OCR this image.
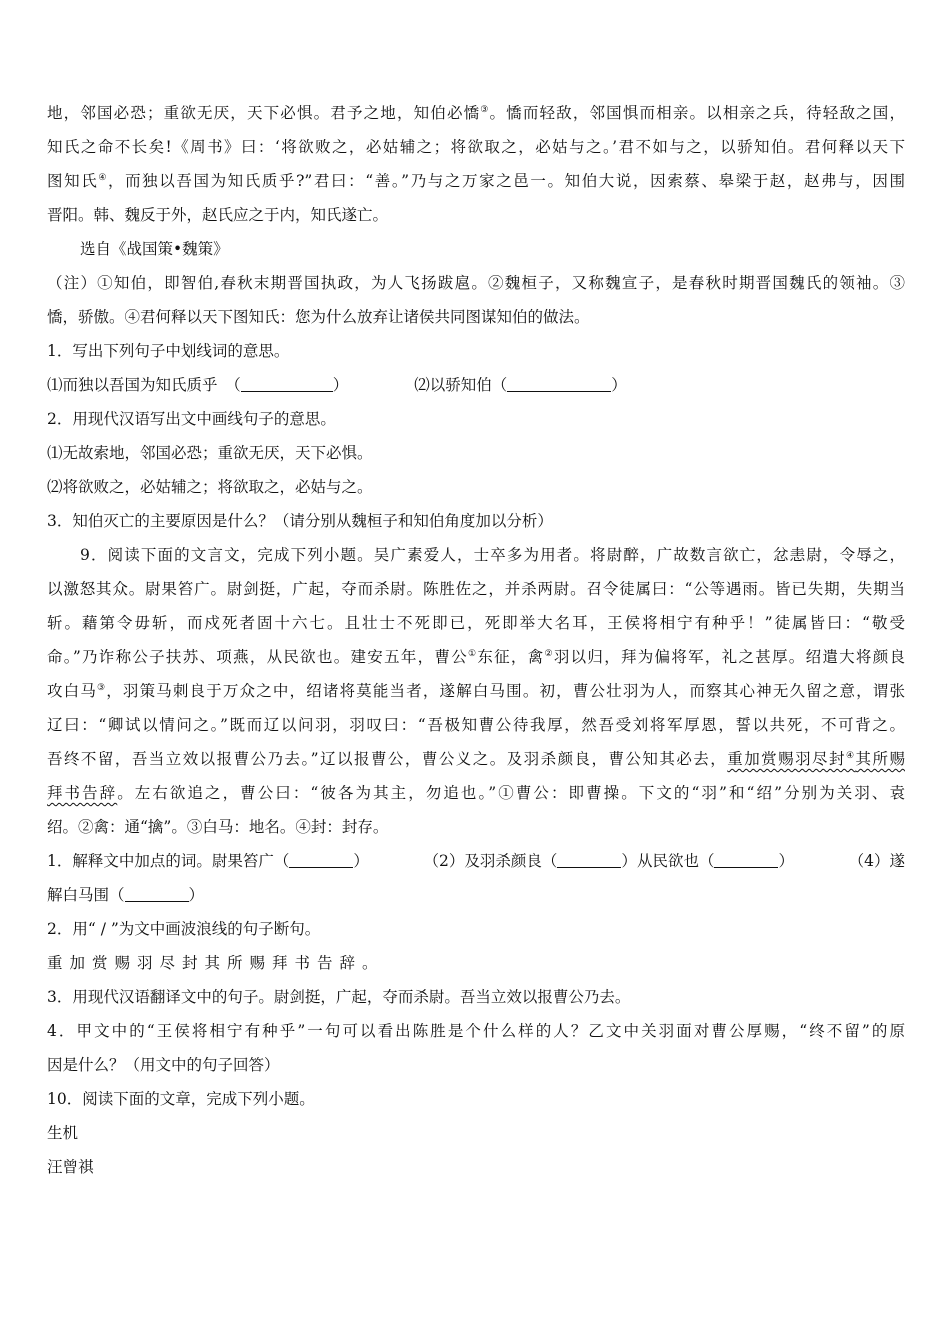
地，邻国必恐；重欲无厌，天下必惧。君予之地，知伯必憍③。憍而轻敌，邻国惧而相亲。以相亲之兵，待轻敌之国，

知氏之命不长矣!《周书》曰：‘将欲败之，必姑辅之；将欲取之，必姑与之。’君不如与之，以骄知伯。君何释以天下

图知氏④，而独以吾国为知氏质乎?”君曰：“善。”乃与之万家之邑一。知伯大说，因索蔡、皋梁于赵，赵弗与，因围

晋阳。韩、魏反于外，赵氏应之于内，知氏遂亡。

选自《战国策•魏策》

（注）①知伯，即智伯,春秋末期晋国执政，为人飞扬跋扈。②魏桓子，又称魏宣子，是春秋时期晋国魏氏的领袖。③

憍，骄傲。④君何释以天下图知氏：您为什么放弃让诸侯共同图谋知伯的做法。

1．写出下列句子中划线词的意思。

⑴而独以吾国为知氏质乎　（	）	⑵以骄知伯（	）

2．用现代汉语写出文中画线句子的意思。

⑴无故索地，邻国必恐；重欲无厌，天下必惧。

⑵将欲败之，必姑辅之；将欲取之，必姑与之。

3．知伯灭亡的主要原因是什么？（请分别从魏桓子和知伯角度加以分析）

9．阅读下面的文言文，完成下列小题。吴广素爱人，士卒多为用者。将尉醉，广故数言欲亡，忿恚尉，令辱之，

以激怒其众。尉果笞广。尉剑挺，广起，夺而杀尉。陈胜佐之，并杀两尉。召令徒属曰：“公等遇雨。皆已失期，失期当

斩。藉第令毋斩，而戍死者固十六七。且壮士不死即已，死即举大名耳，王侯将相宁有种乎！”徒属皆曰：“敬受

命。”乃诈称公子扶苏、项燕，从民欲也。建安五年，曹公①东征，禽②羽以归，拜为偏将军，礼之甚厚。绍遣大将颜良

攻白马③，羽策马刺良于万众之中，绍诸将莫能当者，遂解白马围。初，曹公壮羽为人，而察其心神无久留之意，谓张

辽曰：“卿试以情问之。”既而辽以问羽，羽叹曰：“吾极知曹公待我厚，然吾受刘将军厚恩，誓以共死，不可背之。

吾终不留，吾当立效以报曹公乃去。”辽以报曹公，曹公义之。及羽杀颜良，曹公知其必去，重加赏赐羽尽封④其所赐

拜书告辞。左右欲追之，曹公曰：“彼各为其主，勿追也。”①曹公：即曹操。下文的“羽”和“绍”分别为关羽、袁

绍。②禽：通“擒”。③白马：地名。④封：封存。

1．解释文中加点的词。尉果笞广（	）	（2）及羽杀颜良（	）从民欲也（	）	（4）遂

解白马围（	）

2．用“ / ”为文中画波浪线的句子断句。

重加赏赐羽尽封其所赐拜书告辞。

3．用现代汉语翻译文中的句子。尉剑挺，广起，夺而杀尉。吾当立效以报曹公乃去。

4．甲文中的“王侯将相宁有种乎”一句可以看出陈胜是个什么样的人？乙文中关羽面对曹公厚赐，“终不留”的原

因是什么？（用文中的句子回答）

10．阅读下面的文章，完成下列小题。

生机

汪曾祺
